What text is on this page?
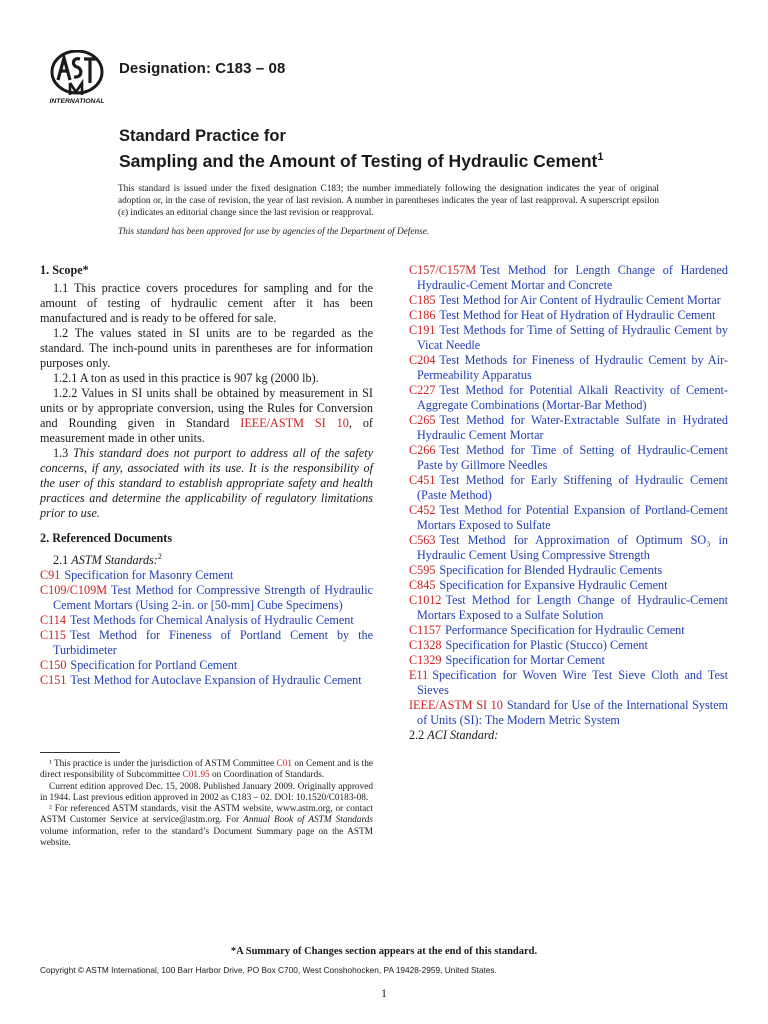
INTERNATIONAL
Designation: C183 – 08
Standard Practice for
Sampling and the Amount of Testing of Hydraulic Cement$^1$
This standard is issued under the fixed designation C183; the number immediately following the designation indicates the year of original adoption or, in the case of revision, the year of last revision. A number in parentheses indicates the year of last reapproval. A superscript epsilon (ε) indicates an editorial change since the last revision or reapproval.
This standard has been approved for use by agencies of the Department of Defense.

1. Scope*

1.1 This practice covers procedures for sampling and for the amount of testing of hydraulic cement after it has been manufactured and is ready to be offered for sale.

1.2 The values stated in SI units are to be regarded as the standard. The inch-pound units in parentheses are for information purposes only.

1.2.1 A ton as used in this practice is 907 kg (2000 lb).

1.2.2 Values in SI units shall be obtained by measurement in SI units or by appropriate conversion, using the Rules for Conversion and Rounding given in Standard IEEE/ASTM SI 10, of measurement made in other units.

1.3 This standard does not purport to address all of the safety concerns, if any, associated with its use. It is the responsibility of the user of this standard to establish appropriate safety and health practices and determine the applicability of regulatory limitations prior to use.

2. Referenced Documents

2.1 ASTM Standards:$^2$

C91 Specification for Masonry Cement

C109/C109M Test Method for Compressive Strength of Hydraulic Cement Mortars (Using 2-in. or [50-mm] Cube Specimens)

C114 Test Methods for Chemical Analysis of Hydraulic Cement

C115 Test Method for Fineness of Portland Cement by the Turbidimeter

C150 Specification for Portland Cement

C151 Test Method for Autoclave Expansion of Hydraulic Cement

C157/C157M Test Method for Length Change of Hardened Hydraulic-Cement Mortar and Concrete

C185 Test Method for Air Content of Hydraulic Cement Mortar

C186 Test Method for Heat of Hydration of Hydraulic Cement

C191 Test Methods for Time of Setting of Hydraulic Cement by Vicat Needle

C204 Test Methods for Fineness of Hydraulic Cement by Air-Permeability Apparatus

C227 Test Method for Potential Alkali Reactivity of Cement-Aggregate Combinations (Mortar-Bar Method)

C265 Test Method for Water-Extractable Sulfate in Hydrated Hydraulic Cement Mortar

C266 Test Method for Time of Setting of Hydraulic-Cement Paste by Gillmore Needles

C451 Test Method for Early Stiffening of Hydraulic Cement (Paste Method)

C452 Test Method for Potential Expansion of Portland-Cement Mortars Exposed to Sulfate

C563 Test Method for Approximation of Optimum SO₃ in Hydraulic Cement Using Compressive Strength

C595 Specification for Blended Hydraulic Cements

C845 Specification for Expansive Hydraulic Cement

C1012 Test Method for Length Change of Hydraulic-Cement Mortars Exposed to a Sulfate Solution

C1157 Performance Specification for Hydraulic Cement

C1328 Specification for Plastic (Stucco) Cement

C1329 Specification for Mortar Cement

E11 Specification for Woven Wire Test Sieve Cloth and Test Sieves

IEEE/ASTM SI 10 Standard for Use of the International System of Units (SI): The Modern Metric System

2.2 ACI Standard:

¹ This practice is under the jurisdiction of ASTM Committee C01 on Cement and is the direct responsibility of Subcommittee C01.95 on Coordination of Standards.

Current edition approved Dec. 15, 2008. Published January 2009. Originally approved in 1944. Last previous edition approved in 2002 as C183 – 02. DOI: 10.1520/C0183-08.

² For referenced ASTM standards, visit the ASTM website, www.astm.org, or contact ASTM Customer Service at service@astm.org. For Annual Book of ASTM Standards volume information, refer to the standard’s Document Summary page on the ASTM website.

*A Summary of Changes section appears at the end of this standard.
Copyright © ASTM International, 100 Barr Harbor Drive, PO Box C700, West Conshohocken, PA 19428-2959, United States.
1
